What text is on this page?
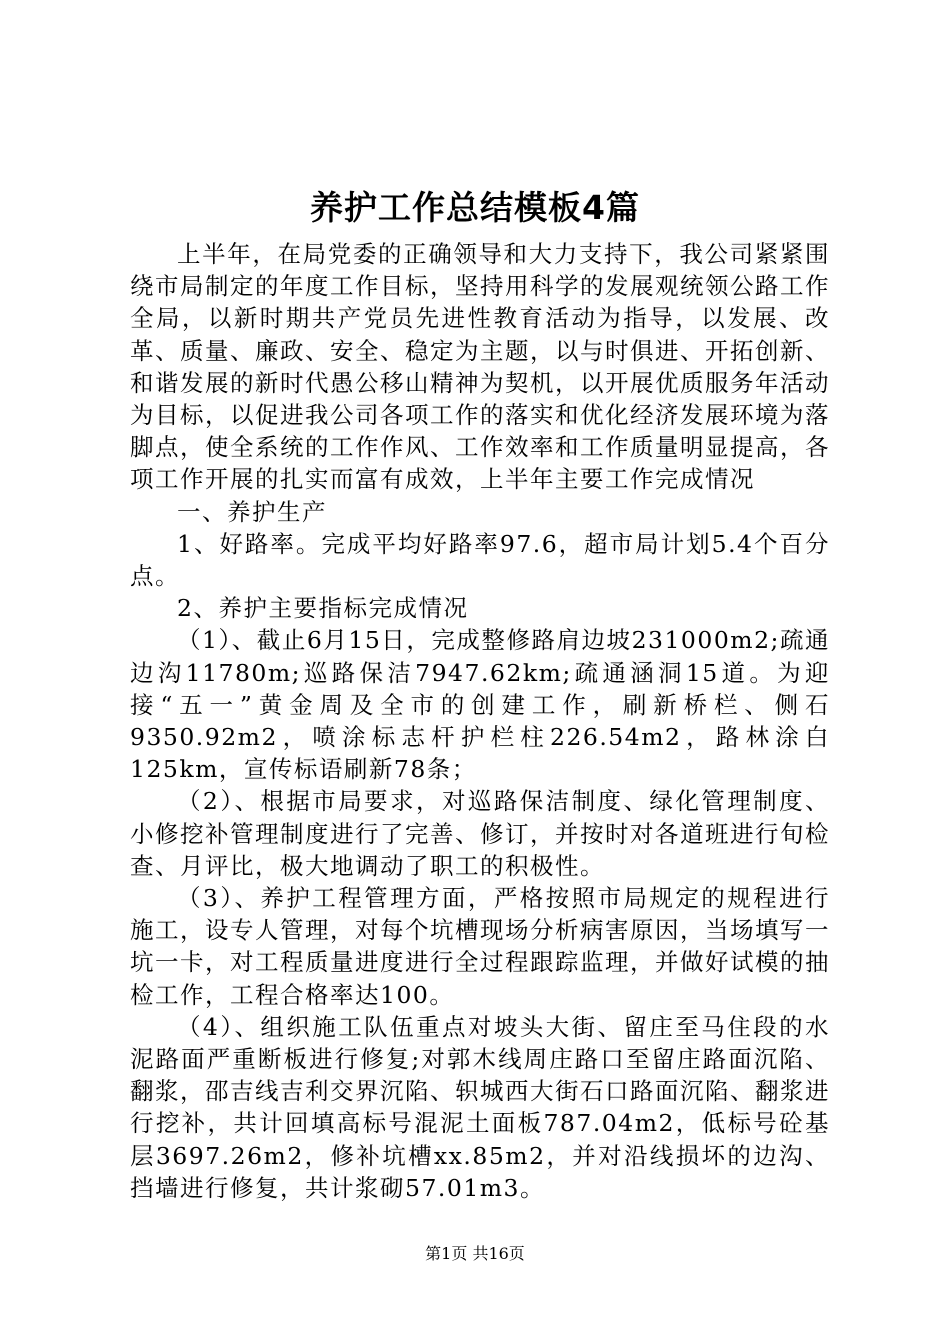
养护工作总结模板4篇

上半年，在局党委的正确领导和大力支持下，我公司紧紧围绕市局制定的年度工作目标，坚持用科学的发展观统领公路工作全局，以新时期共产党员先进性教育活动为指导，以发展、改革、质量、廉政、安全、稳定为主题，以与时俱进、开拓创新、和谐发展的新时代愚公移山精神为契机，以开展优质服务年活动为目标，以促进我公司各项工作的落实和优化经济发展环境为落脚点，使全系统的工作作风、工作效率和工作质量明显提高，各项工作开展的扎实而富有成效，上半年主要工作完成情况

一、养护生产

1、好路率。完成平均好路率97.6，超市局计划5.4个百分点。

2、养护主要指标完成情况

（1）、截止6月15日，完成整修路肩边坡231000m2;疏通边沟11780m;巡路保洁7947.62km;疏通涵洞15道。为迎接“五一”黄金周及全市的创建工作，刷新桥栏、侧石9350.92m2，喷涂标志杆护栏柱226.54m2，路林涂白125km，宣传标语刷新78条；

（2）、根据市局要求，对巡路保洁制度、绿化管理制度、小修挖补管理制度进行了完善、修订，并按时对各道班进行旬检查、月评比，极大地调动了职工的积极性。

（3）、养护工程管理方面，严格按照市局规定的规程进行施工，设专人管理，对每个坑槽现场分析病害原因，当场填写一坑一卡，对工程质量进度进行全过程跟踪监理，并做好试模的抽检工作，工程合格率达100。

（4）、组织施工队伍重点对坡头大街、留庄至马住段的水泥路面严重断板进行修复;对郭木线周庄路口至留庄路面沉陷、翻浆，邵吉线吉利交界沉陷、轵城西大街石口路面沉陷、翻浆进行挖补，共计回填高标号混泥土面板787.04m2，低标号砼基层3697.26m2，修补坑槽xx.85m2，并对沿线损坏的边沟、挡墙进行修复，共计浆砌57.01m3。

第1页 共16页
